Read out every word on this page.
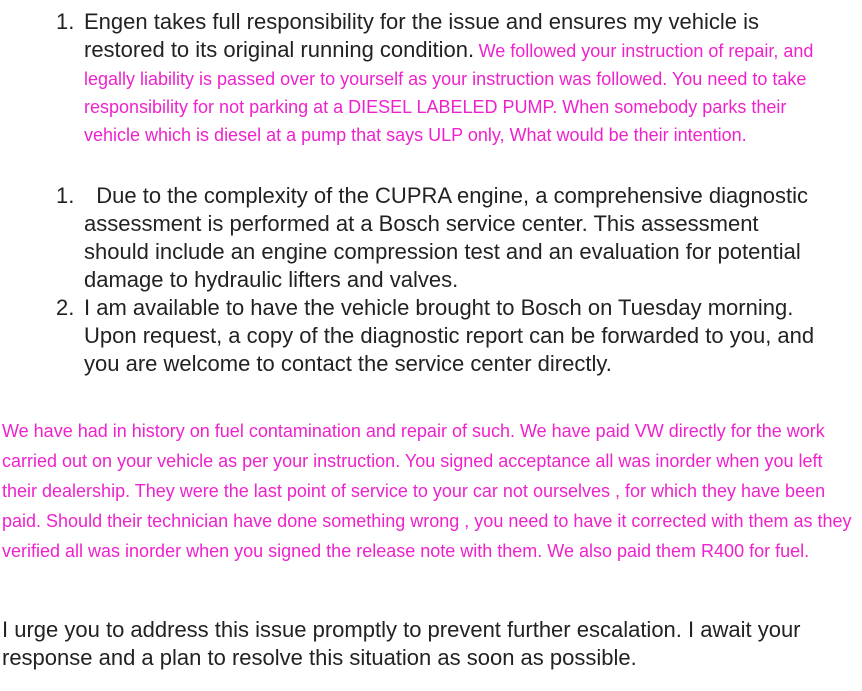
1. Engen takes full responsibility for the issue and ensures my vehicle is restored to its original running condition. We followed your instruction of repair, and legally liability is passed over to yourself as your instruction was followed. You need to take responsibility for not parking at a DIESEL LABELED PUMP. When somebody parks their vehicle which is diesel at a pump that says ULP only, What would be their intention.
1. Due to the complexity of the CUPRA engine, a comprehensive diagnostic assessment is performed at a Bosch service center. This assessment should include an engine compression test and an evaluation for potential damage to hydraulic lifters and valves.
2. I am available to have the vehicle brought to Bosch on Tuesday morning. Upon request, a copy of the diagnostic report can be forwarded to you, and you are welcome to contact the service center directly.

We have had in history on fuel contamination and repair of such. We have paid VW directly for the work carried out on your vehicle as per your instruction. You signed acceptance all was inorder when you left their dealership. They were the last point of service to your car not ourselves , for which they have been paid. Should their technician have done something wrong , you need to have it corrected with them as they verified all was inorder when you signed the release note with them. We also paid them R400 for fuel.

I urge you to address this issue promptly to prevent further escalation. I await your response and a plan to resolve this situation as soon as possible.
